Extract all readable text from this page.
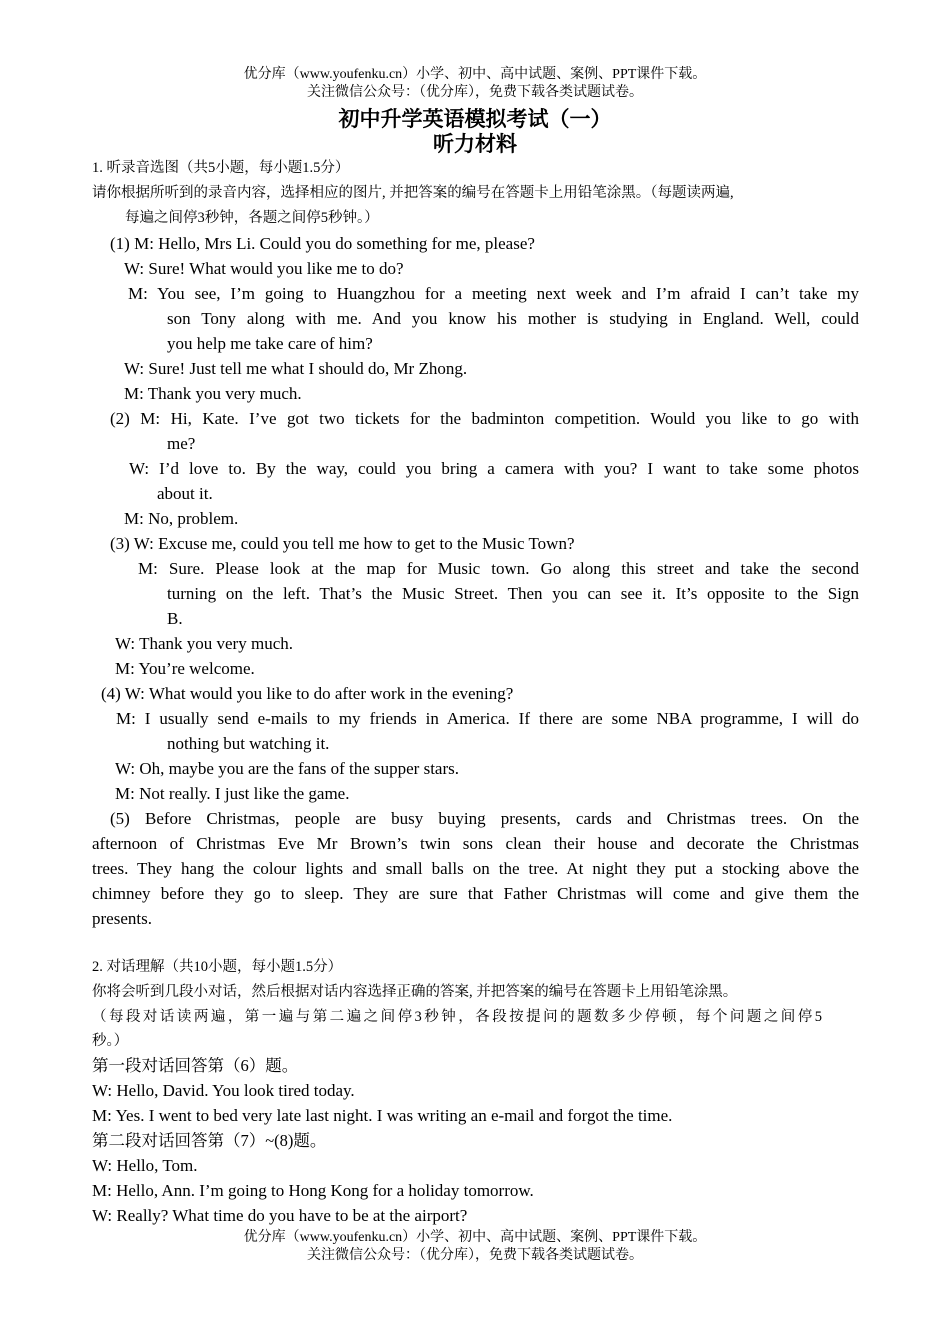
优分库（www.youfenku.cn）小学、初中、高中试题、案例、PPT课件下载。
关注微信公众号：（优分库），免费下载各类试题试卷。
初中升学英语模拟考试（一）
听力材料
1. 听录音选图（共5小题，每小题1.5分）
请你根据所听到的录音内容，选择相应的图片, 并把答案的编号在答题卡上用铅笔涂黑。（每题读两遍,
每遍之间停3秒钟，各题之间停5秒钟。）
(1) M: Hello, Mrs Li. Could you do something for me, please?
W: Sure! What would you like me to do?
M: You see, I’m going to Huangzhou for a meeting next week and I’m afraid I can’t take my
son Tony along with me. And you know his mother is studying in England. Well, could
you help me take care of him?
W: Sure! Just tell me what I should do, Mr Zhong.
M: Thank you very much.
(2) M: Hi, Kate. I’ve got two tickets for the badminton competition. Would you like to go with
me?
W: I’d love to. By the way, could you bring a camera with you? I want to take some photos
about it.
M: No, problem.
(3) W: Excuse me, could you tell me how to get to the Music Town?
M: Sure. Please look at the map for Music town. Go along this street and take the second
turning on the left. That’s the Music Street. Then you can see it. It’s opposite to the Sign
B.
W: Thank you very much.
M: You’re welcome.
(4) W: What would you like to do after work in the evening?
M: I usually send e-mails to my friends in America. If there are some NBA programme, I will do
nothing but watching it.
W: Oh, maybe you are the fans of the supper stars.
M: Not really. I just like the game.
(5) Before Christmas, people are busy buying presents, cards and Christmas trees. On the
afternoon of Christmas Eve Mr Brown’s twin sons clean their house and decorate the Christmas
trees. They hang the colour lights and small balls on the tree. At night they put a stocking above the
chimney before they go to sleep. They are sure that Father Christmas will come and give them the
presents.
2. 对话理解（共10小题，每小题1.5分）
你将会听到几段小对话，然后根据对话内容选择正确的答案, 并把答案的编号在答题卡上用铅笔涂黑。
（每段对话读两遍，第一遍与第二遍之间停3秒钟，各段按提问的题数多少停顿，每个问题之间停5
秒。）
第一段对话回答第（6）题。
W: Hello, David. You look tired today.
M: Yes. I went to bed very late last night. I was writing an e-mail and forgot the time.
第二段对话回答第（7）~(8)题。
W: Hello, Tom.
M: Hello, Ann. I’m going to Hong Kong for a holiday tomorrow.
W: Really? What time do you have to be at the airport?
优分库（www.youfenku.cn）小学、初中、高中试题、案例、PPT课件下载。
关注微信公众号：（优分库），免费下载各类试题试卷。
